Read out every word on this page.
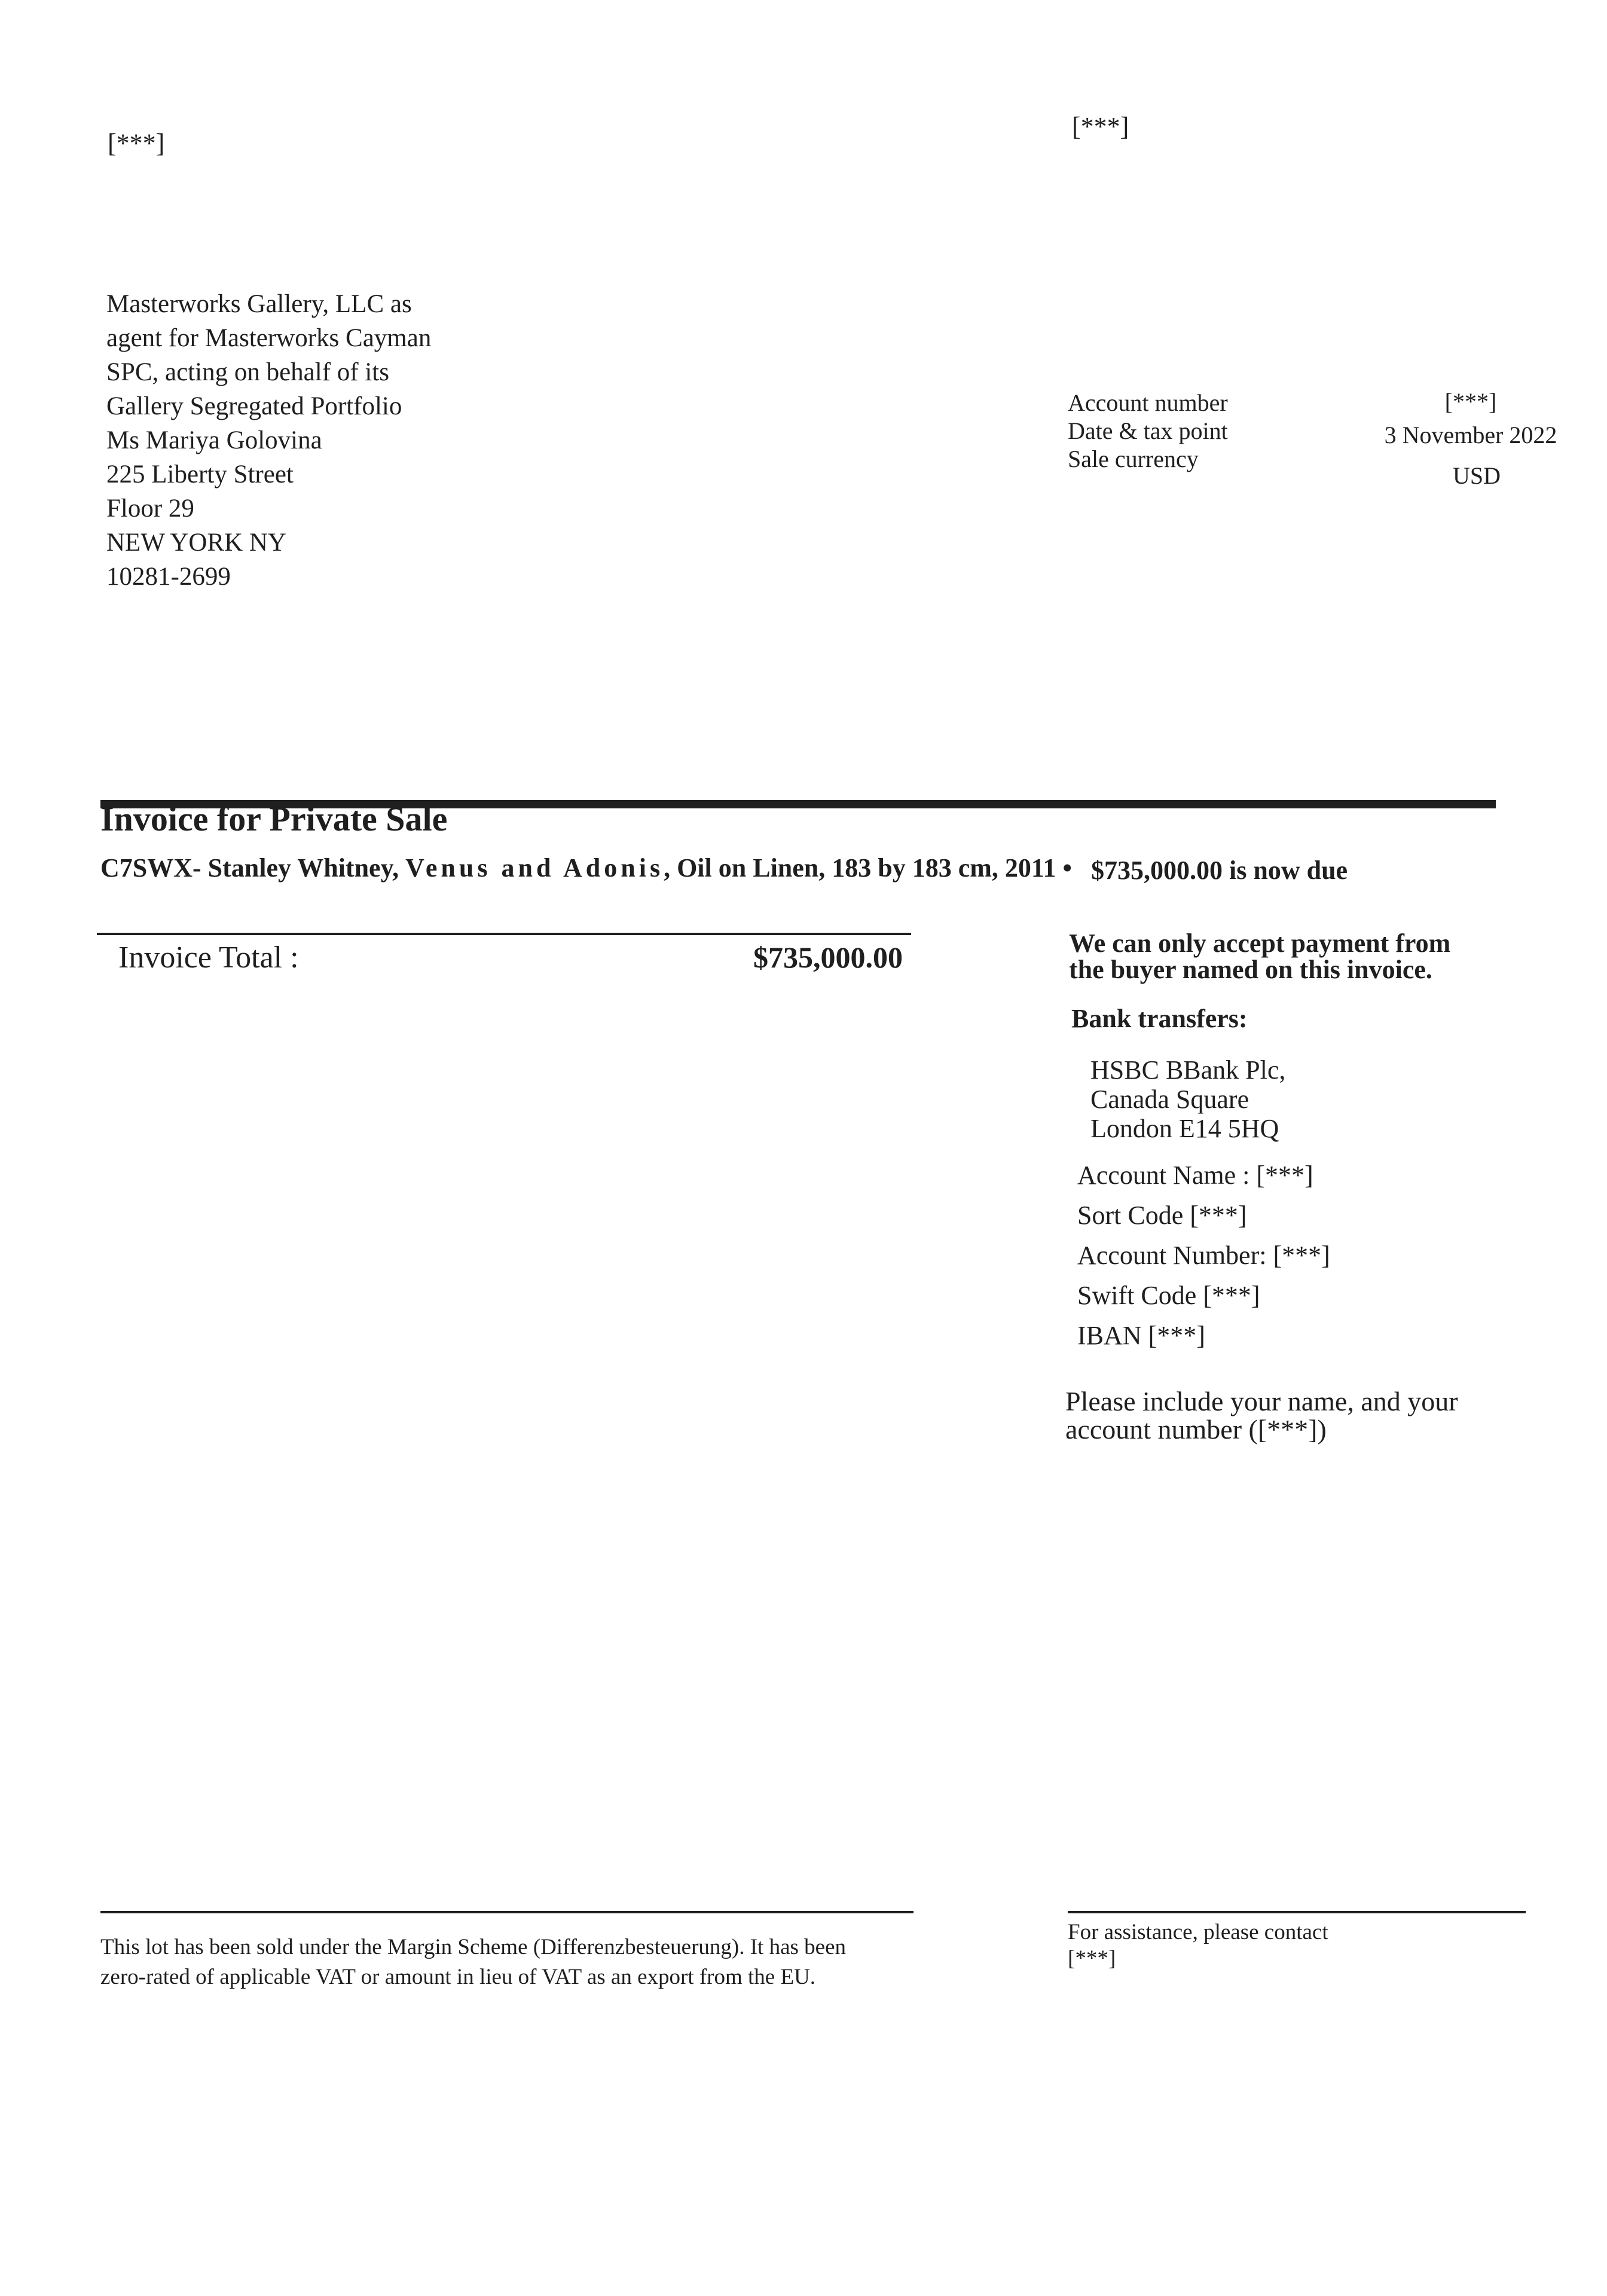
[***]
[***]
Masterworks Gallery, LLC as
agent for Masterworks Cayman
SPC, acting on behalf of its
Gallery Segregated Portfolio
Ms Mariya Golovina
225 Liberty Street
Floor 29
NEW YORK NY
10281-2699
Account number
Date & tax point
Sale currency
[***]
3 November 2022
USD
Invoice for Private Sale
C7SWX- Stanley Whitney, Venus and Adonis, Oil on Linen, 183 by 183 cm, 2011 • $735,000.00 is now due
Invoice Total :	$735,000.00	We can only accept payment from
the buyer named on this invoice.
Bank transfers:
HSBC BBank Plc,
Canada Square
London E14 5HQ
Account Name : [***]
Sort Code [***]
Account Number: [***]
Swift Code [***]
IBAN [***]
Please include your name, and your
account number ([***])
This lot has been sold under the Margin Scheme (Differenzbesteuerung). It has been
zero-rated of applicable VAT or amount in lieu of VAT as an export from the EU.
For assistance, please contact
[***]
